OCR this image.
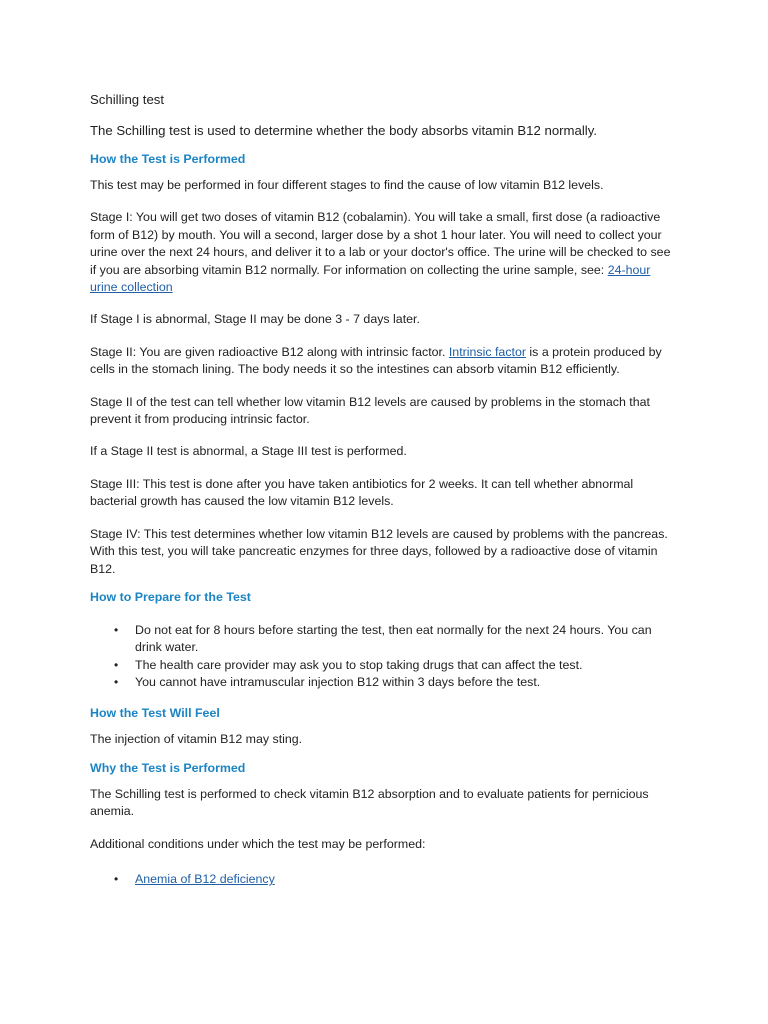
Schilling test

The Schilling test is used to determine whether the body absorbs vitamin B12 normally.

How the Test is Performed

This test may be performed in four different stages to find the cause of low vitamin B12 levels.

Stage I: You will get two doses of vitamin B12 (cobalamin). You will take a small, first dose (a radioactive form of B12) by mouth. You will a second, larger dose by a shot 1 hour later. You will need to collect your urine over the next 24 hours, and deliver it to a lab or your doctor's office. The urine will be checked to see if you are absorbing vitamin B12 normally. For information on collecting the urine sample, see: 24-hour urine collection

If Stage I is abnormal, Stage II may be done 3 - 7 days later.

Stage II: You are given radioactive B12 along with intrinsic factor. Intrinsic factor is a protein produced by cells in the stomach lining. The body needs it so the intestines can absorb vitamin B12 efficiently.

Stage II of the test can tell whether low vitamin B12 levels are caused by problems in the stomach that prevent it from producing intrinsic factor.

If a Stage II test is abnormal, a Stage III test is performed.

Stage III: This test is done after you have taken antibiotics for 2 weeks. It can tell whether abnormal bacterial growth has caused the low vitamin B12 levels.

Stage IV: This test determines whether low vitamin B12 levels are caused by problems with the pancreas. With this test, you will take pancreatic enzymes for three days, followed by a radioactive dose of vitamin B12.

How to Prepare for the Test
• Do not eat for 8 hours before starting the test, then eat normally for the next 24 hours. You can drink water.
• The health care provider may ask you to stop taking drugs that can affect the test.
• You cannot have intramuscular injection B12 within 3 days before the test.
How the Test Will Feel

The injection of vitamin B12 may sting.

Why the Test is Performed

The Schilling test is performed to check vitamin B12 absorption and to evaluate patients for pernicious anemia.

Additional conditions under which the test may be performed:

• Anemia of B12 deficiency
